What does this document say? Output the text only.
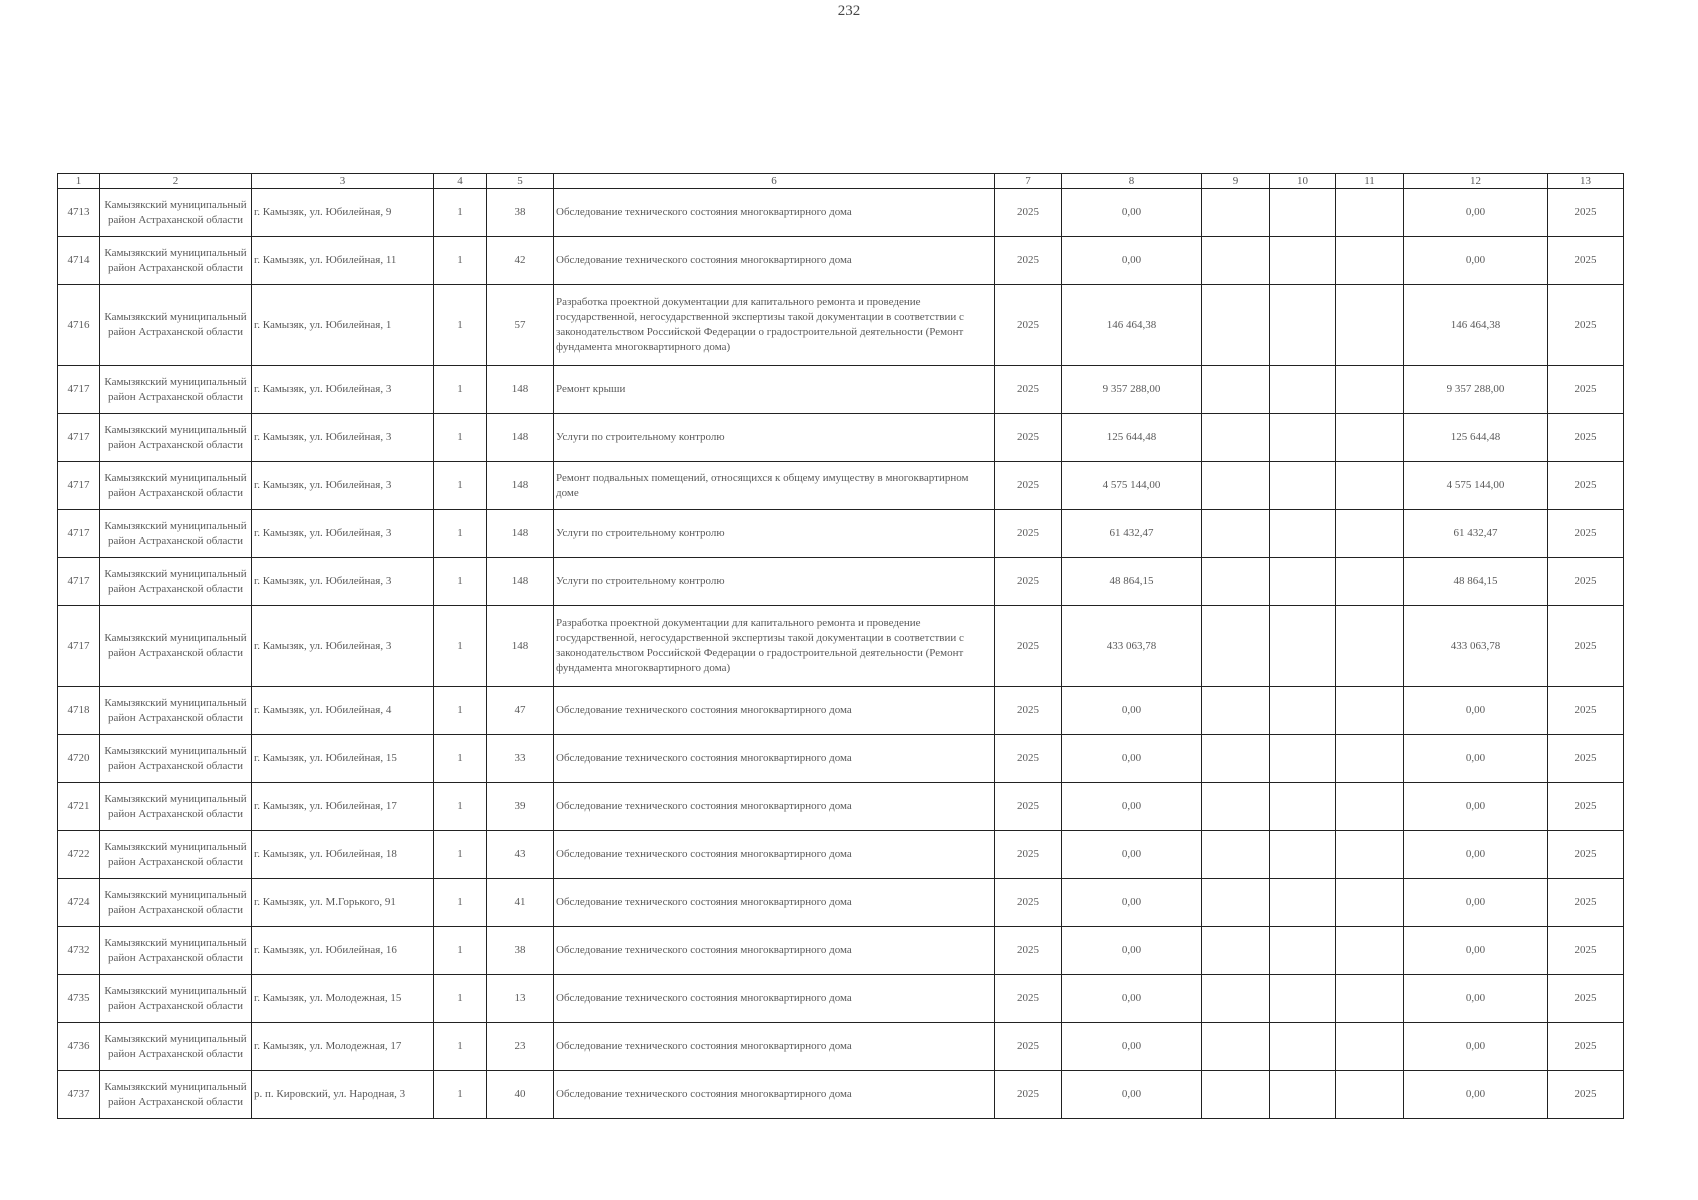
232
1	2	3	4	5	6	7	8	9	10	11	12	13
4713	Камызякский муниципальный район Астраханской области	г. Камызяк, ул. Юбилейная, 9	1	38	Обследование технического состояния многоквартирного дома	2025	0,00				0,00	2025
4714	Камызякский муниципальный район Астраханской области	г. Камызяк, ул. Юбилейная, 11	1	42	Обследование технического состояния многоквартирного дома	2025	0,00				0,00	2025
4716	Камызякский муниципальный район Астраханской области	г. Камызяк, ул. Юбилейная, 1	1	57	Разработка проектной документации для капитального ремонта и проведение государственной, негосударственной экспертизы такой документации в соответствии с законодательством Российской Федерации о градостроительной деятельности (Ремонт фундамента многоквартирного дома)	2025	146 464,38				146 464,38	2025
4717	Камызякский муниципальный район Астраханской области	г. Камызяк, ул. Юбилейная, 3	1	148	Ремонт крыши	2025	9 357 288,00				9 357 288,00	2025
4717	Камызякский муниципальный район Астраханской области	г. Камызяк, ул. Юбилейная, 3	1	148	Услуги по строительному контролю	2025	125 644,48				125 644,48	2025
4717	Камызякский муниципальный район Астраханской области	г. Камызяк, ул. Юбилейная, 3	1	148	Ремонт подвальных помещений, относящихся к общему имуществу в многоквартирном доме	2025	4 575 144,00				4 575 144,00	2025
4717	Камызякский муниципальный район Астраханской области	г. Камызяк, ул. Юбилейная, 3	1	148	Услуги по строительному контролю	2025	61 432,47				61 432,47	2025
4717	Камызякский муниципальный район Астраханской области	г. Камызяк, ул. Юбилейная, 3	1	148	Услуги по строительному контролю	2025	48 864,15				48 864,15	2025
4717	Камызякский муниципальный район Астраханской области	г. Камызяк, ул. Юбилейная, 3	1	148	Разработка проектной документации для капитального ремонта и проведение государственной, негосударственной экспертизы такой документации в соответствии с законодательством Российской Федерации о градостроительной деятельности (Ремонт фундамента многоквартирного дома)	2025	433 063,78				433 063,78	2025
4718	Камызякский муниципальный район Астраханской области	г. Камызяк, ул. Юбилейная, 4	1	47	Обследование технического состояния многоквартирного дома	2025	0,00				0,00	2025
4720	Камызякский муниципальный район Астраханской области	г. Камызяк, ул. Юбилейная, 15	1	33	Обследование технического состояния многоквартирного дома	2025	0,00				0,00	2025
4721	Камызякский муниципальный район Астраханской области	г. Камызяк, ул. Юбилейная, 17	1	39	Обследование технического состояния многоквартирного дома	2025	0,00				0,00	2025
4722	Камызякский муниципальный район Астраханской области	г. Камызяк, ул. Юбилейная, 18	1	43	Обследование технического состояния многоквартирного дома	2025	0,00				0,00	2025
4724	Камызякский муниципальный район Астраханской области	г. Камызяк, ул. М.Горького, 91	1	41	Обследование технического состояния многоквартирного дома	2025	0,00				0,00	2025
4732	Камызякский муниципальный район Астраханской области	г. Камызяк, ул. Юбилейная, 16	1	38	Обследование технического состояния многоквартирного дома	2025	0,00				0,00	2025
4735	Камызякский муниципальный район Астраханской области	г. Камызяк, ул. Молодежная, 15	1	13	Обследование технического состояния многоквартирного дома	2025	0,00				0,00	2025
4736	Камызякский муниципальный район Астраханской области	г. Камызяк, ул. Молодежная, 17	1	23	Обследование технического состояния многоквартирного дома	2025	0,00				0,00	2025
4737	Камызякский муниципальный район Астраханской области	р. п. Кировский, ул. Народная, 3	1	40	Обследование технического состояния многоквартирного дома	2025	0,00				0,00	2025
